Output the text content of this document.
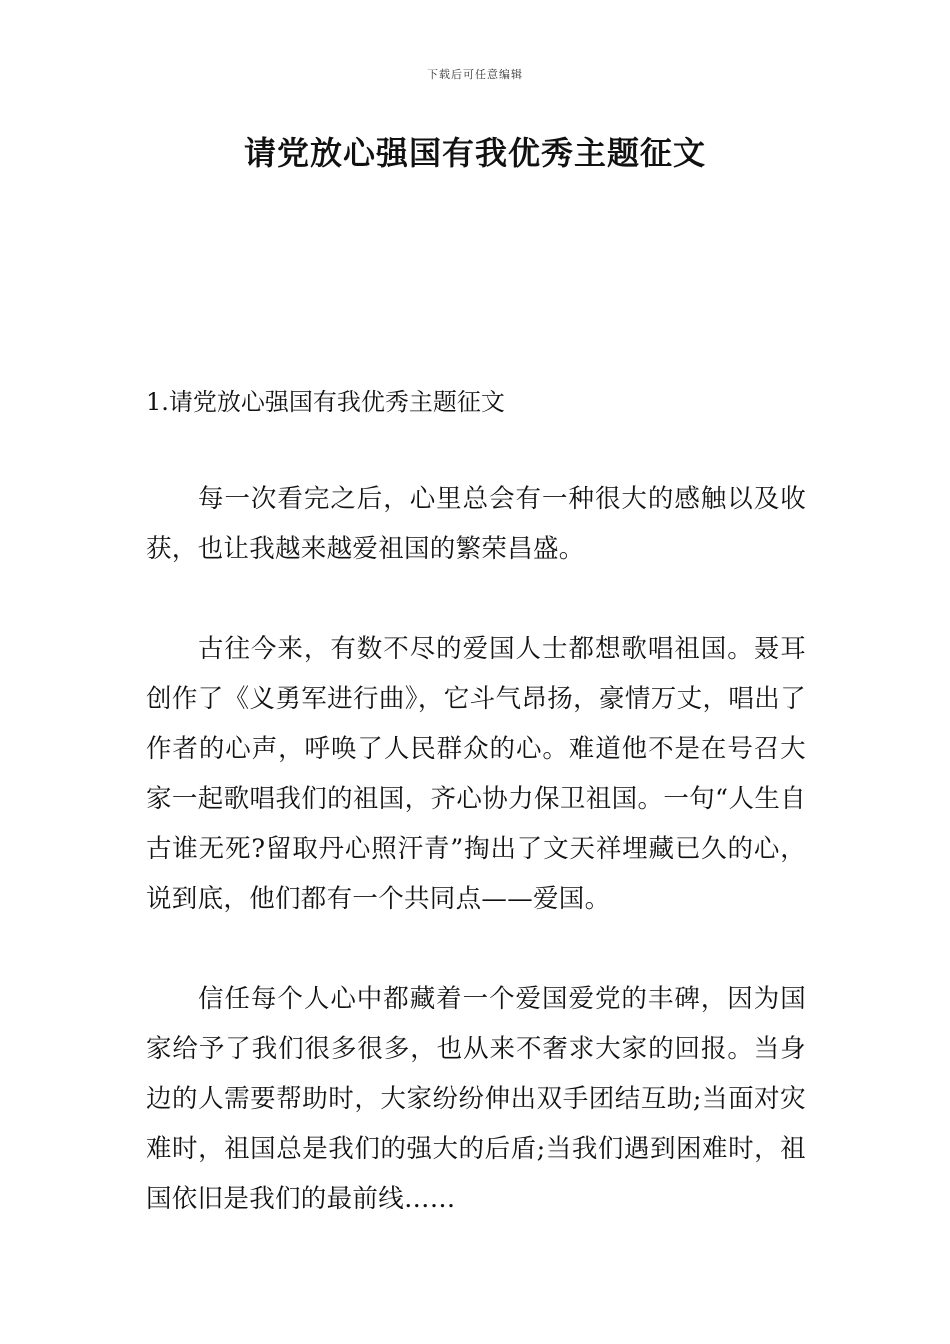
下载后可任意编辑
请党放心强国有我优秀主题征文
1.请党放心强国有我优秀主题征文

每一次看完之后，心里总会有一种很大的感触以及收获，也让我越来越爱祖国的繁荣昌盛。

古往今来，有数不尽的爱国人士都想歌唱祖国。聂耳创作了《义勇军进行曲》，它斗气昂扬，豪情万丈，唱出了作者的心声，呼唤了人民群众的心。难道他不是在号召大家一起歌唱我们的祖国，齐心协力保卫祖国。一句“人生自古谁无死?留取丹心照汗青”掏出了文天祥埋藏已久的心，说到底，他们都有一个共同点——爱国。

信任每个人心中都藏着一个爱国爱党的丰碑，因为国家给予了我们很多很多，也从来不奢求大家的回报。当身边的人需要帮助时，大家纷纷伸出双手团结互助;当面对灾难时，祖国总是我们的强大的后盾;当我们遇到困难时，祖国依旧是我们的最前线……
